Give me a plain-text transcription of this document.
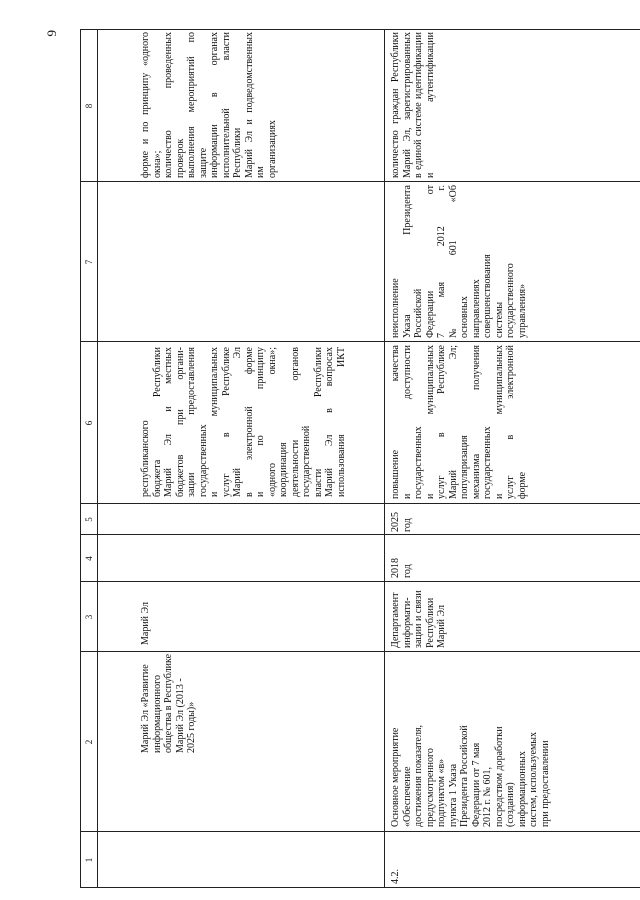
9
1
2
3
4
5
6
7
8
Марий Эл «Развитие
информационного
общества в Республике
Марий Эл (2013 -
2025 годы)»
Марий Эл
республиканского
бюджета Республики
Марий Эл и местных
бюджетов при органи-
зации предоставления
государственных
и муниципальных
услуг в Республике
Марий Эл
в электронной форме
и по принципу
«одного окна»;
координация
деятельности органов
государственной
власти Республики
Марий Эл в вопросах
использования ИКТ
форме и по принципу «одного окна»;
количество проведенных проверок
выполнения мероприятий по защите
информации в органах
исполнительной власти Республики
Марий Эл и подведомственных им
организациях
4.2.
Основное мероприятие
«Обеспечение
достижения показателя,
предусмотренного
подпунктом «в»
пункта 1 Указа
Президента Российской
Федерации от 7 мая
2012 г. № 601,
посредством доработки
(создания)
информационных
систем, используемых
при предоставлении
Департамент
информати-
зации и связи
Республики
Марий Эл
2018
год
2025
год
повышение качества
и доступности
государственных
и муниципальных
услуг в Республике
Марий Эл;
популяризация
механизма получения
государственных
и муниципальных
услуг в электронной
форме
неисполнение
Указа Президента
Российской
Федерации от
7 мая 2012 г.
№ 601 «Об
основных
направлениях
совершенствования
системы
государственного
управления»
количество граждан Республики
Марий Эл, зарегистрированных
в единой системе идентификации
и аутентификации
